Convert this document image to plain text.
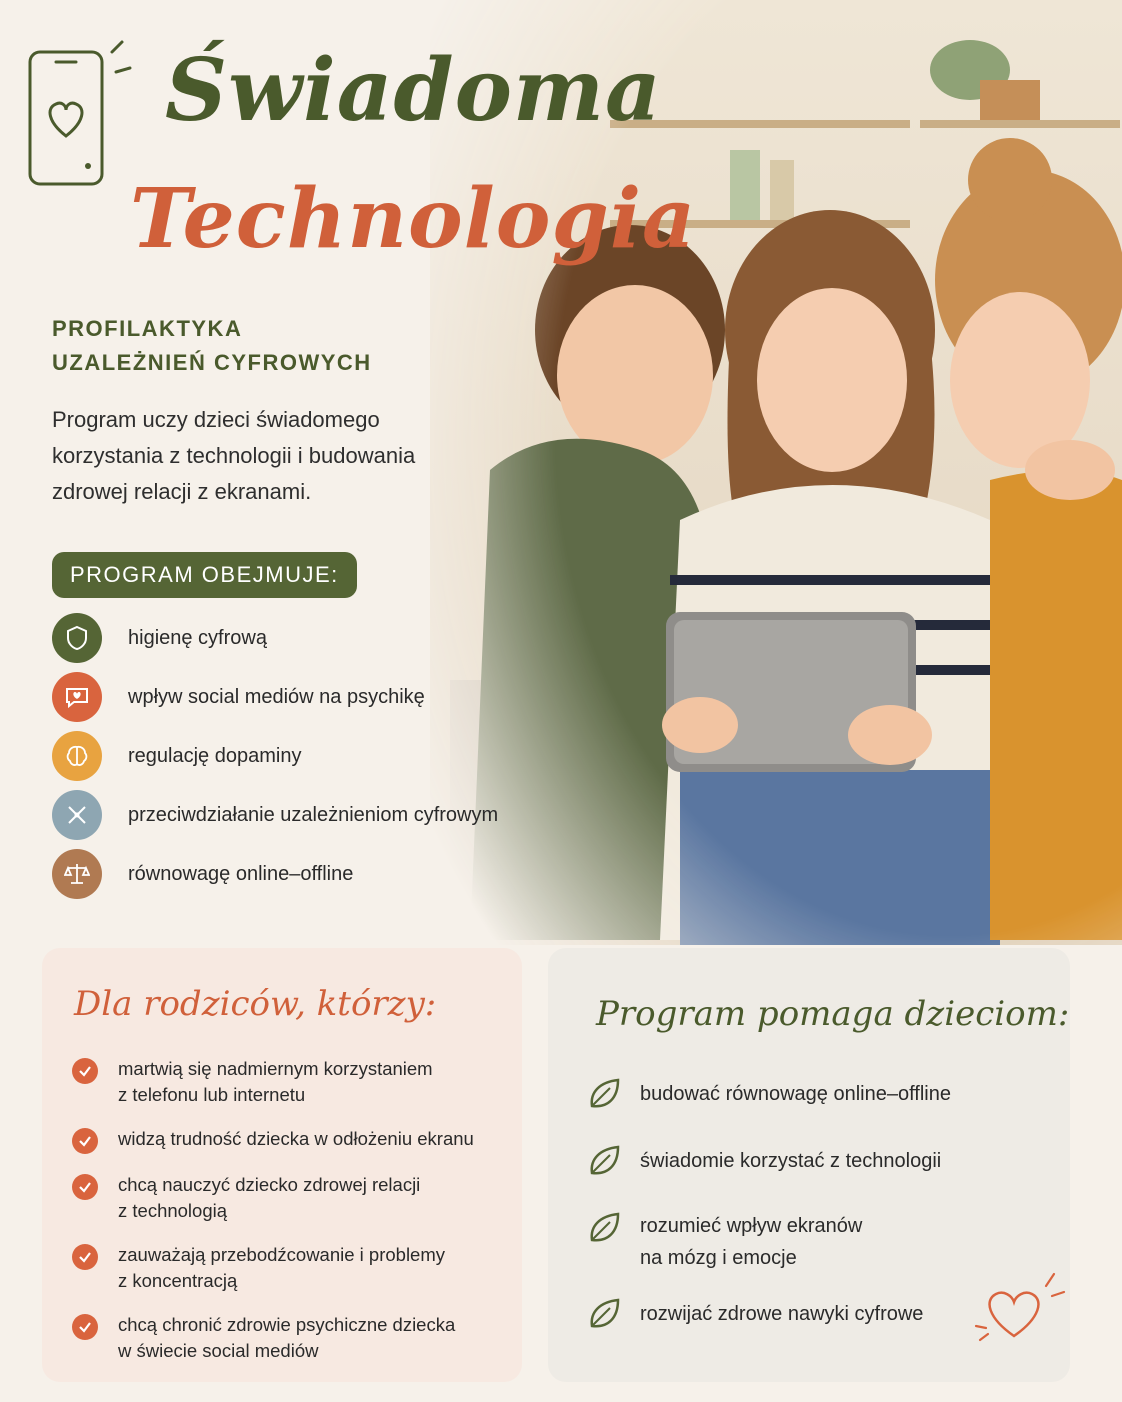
Świadoma
Technologia
PROFILAKTYKA
UZALEŻNIEŃ CYFROWYCH

Program uczy dzieci świadomego korzystania z technologii i budowania zdrowej relacji z ekranami.

PROGRAM OBEJMUJE:
higienę cyfrową
wpływ social mediów na psychikę
regulację dopaminy
przeciwdziałanie uzależnieniom cyfrowym
równowagę online–offline
Dla rodziców, którzy:
martwią się nadmiernym korzystaniem
z telefonu lub internetu
widzą trudność dziecka w odłożeniu ekranu
chcą nauczyć dziecko zdrowej relacji
z technologią
zauważają przebodźcowanie i problemy
z koncentracją
chcą chronić zdrowie psychiczne dziecka
w świecie social mediów
Program pomaga dzieciom:
budować równowagę online–offline
świadomie korzystać z technologii
rozumieć wpływ ekranów
na mózg i emocje
rozwijać zdrowe nawyki cyfrowe
